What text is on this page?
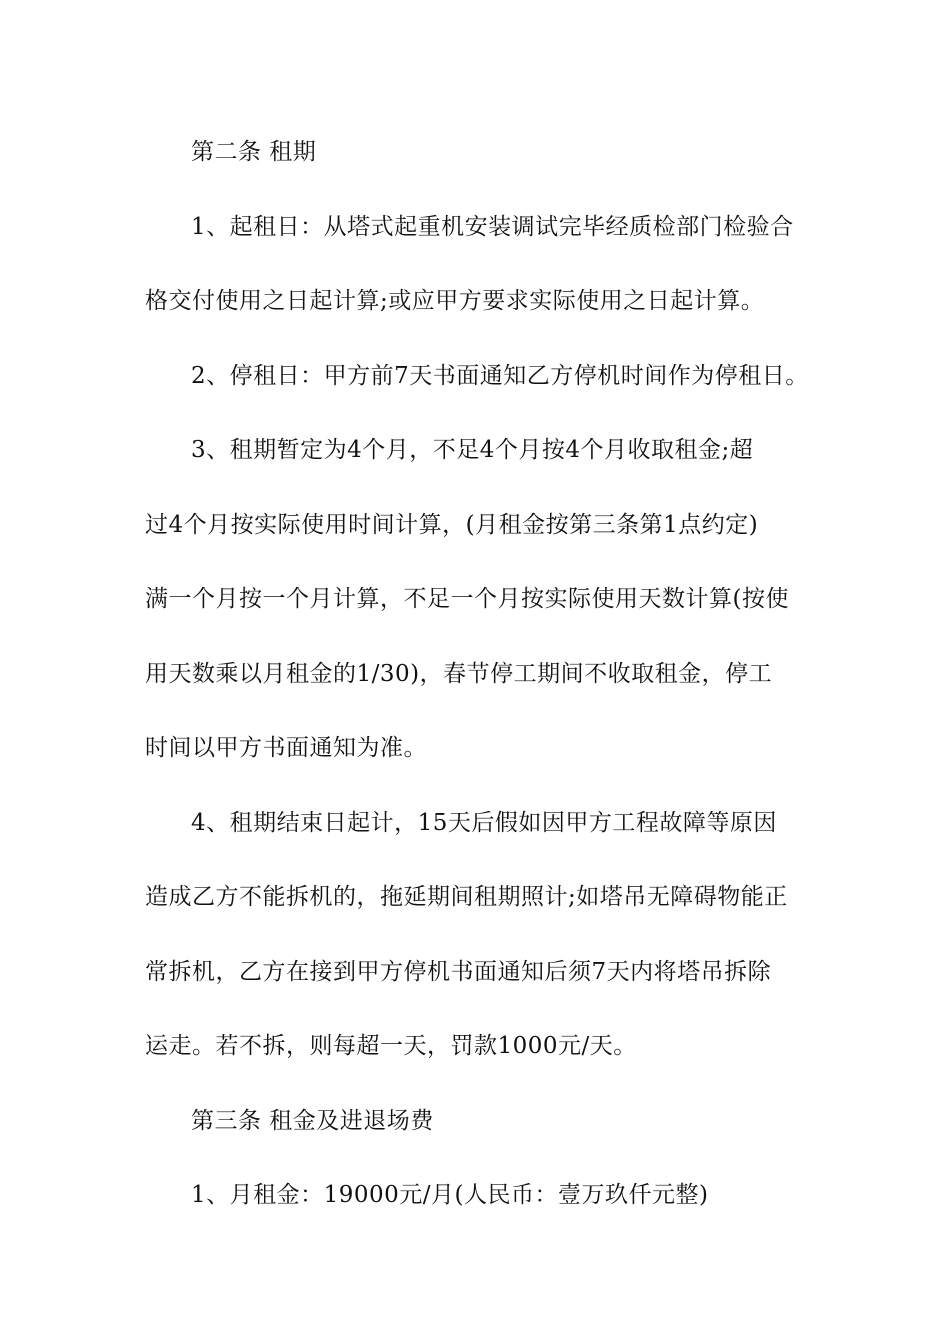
第二条 租期
1、起租日：从塔式起重机安装调试完毕经质检部门检验合
格交付使用之日起计算;或应甲方要求实际使用之日起计算。
2、停租日：甲方前7天书面通知乙方停机时间作为停租日。
3、租期暂定为4个月，不足4个月按4个月收取租金;超
过4个月按实际使用时间计算，(月租金按第三条第1点约定)
满一个月按一个月计算，不足一个月按实际使用天数计算(按使
用天数乘以月租金的1/30)，春节停工期间不收取租金，停工
时间以甲方书面通知为准。
4、租期结束日起计，15天后假如因甲方工程故障等原因
造成乙方不能拆机的，拖延期间租期照计;如塔吊无障碍物能正
常拆机，乙方在接到甲方停机书面通知后须7天内将塔吊拆除
运走。若不拆，则每超一天，罚款1000元/天。
第三条 租金及进退场费
1、月租金：19000元/月(人民币：壹万玖仟元整)
